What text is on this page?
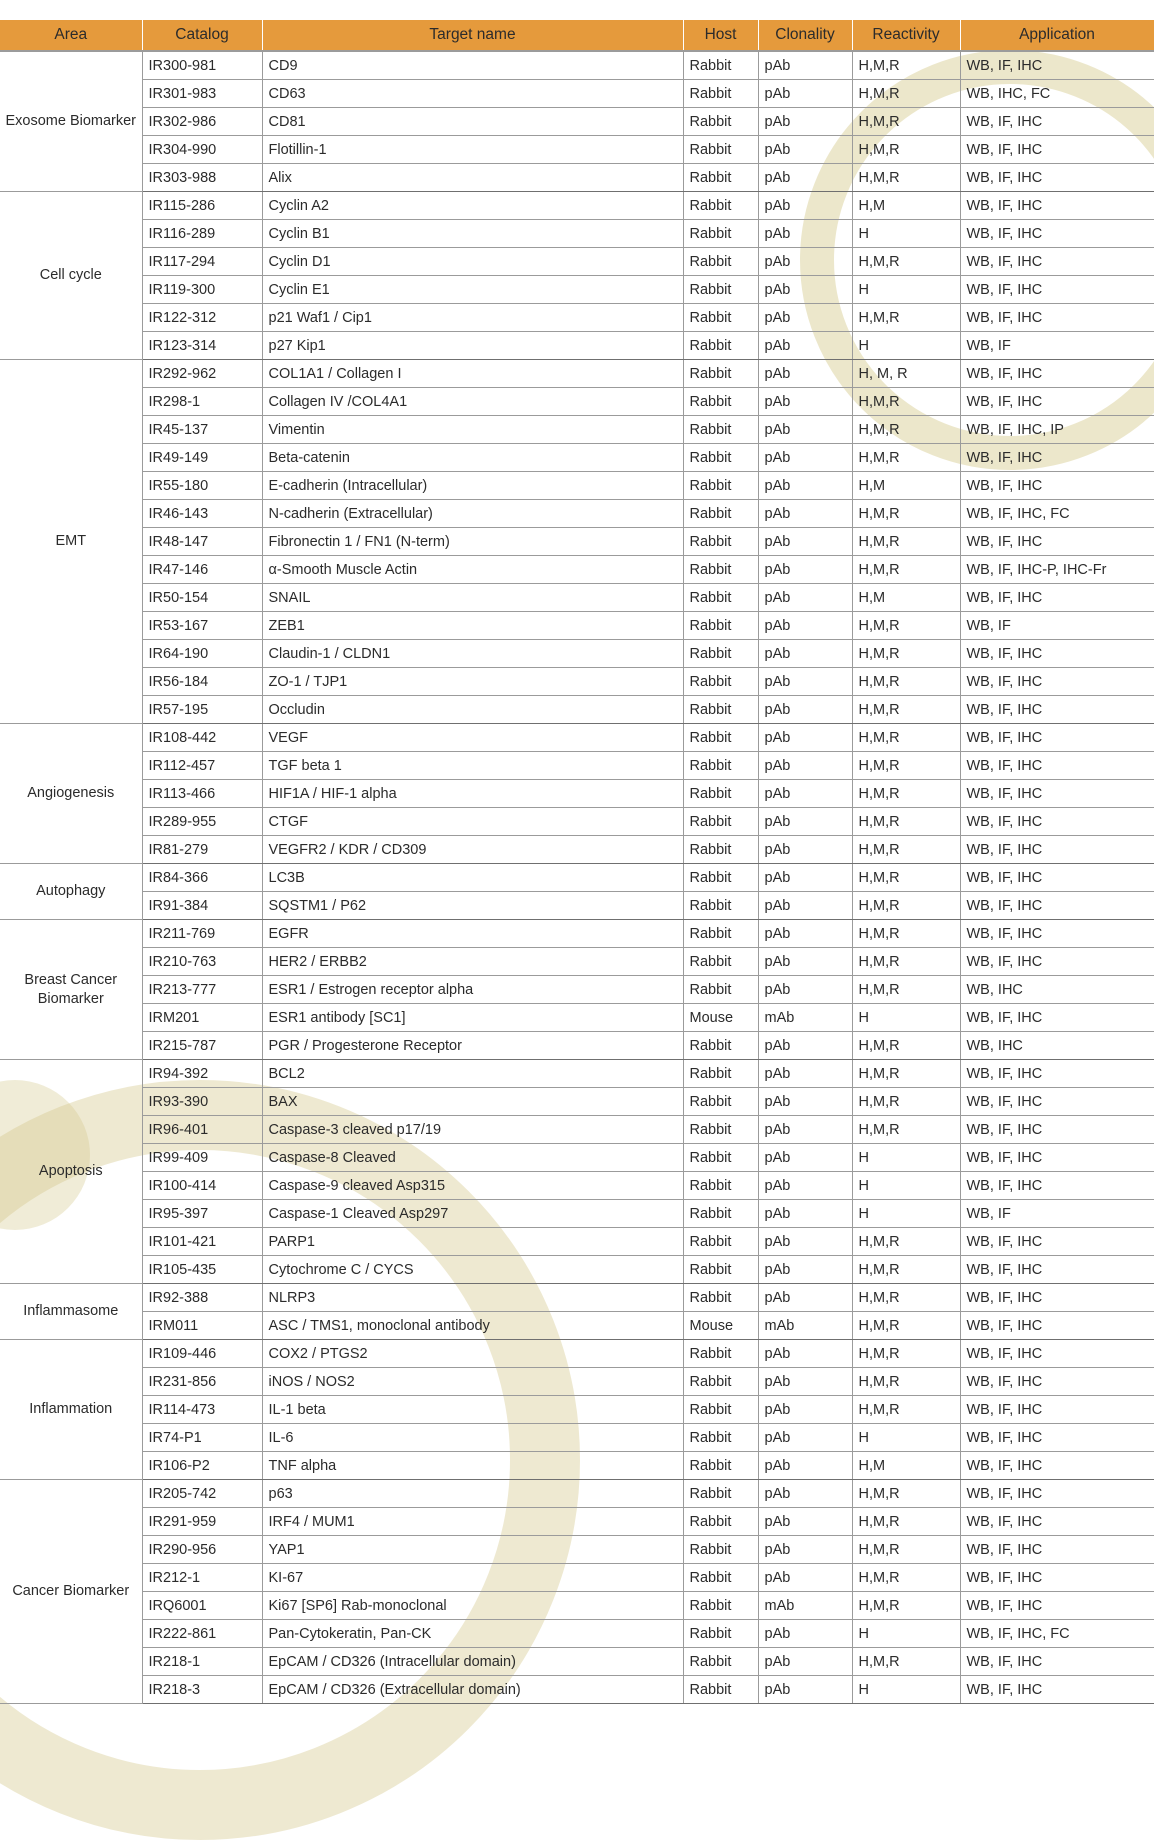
Area	Catalog	Target name	Host	Clonality	Reactivity	Application
Exosome Biomarker	IR300-981	CD9	Rabbit	pAb	H,M,R	WB, IF, IHC
	IR301-983	CD63	Rabbit	pAb	H,M,R	WB, IHC, FC
	IR302-986	CD81	Rabbit	pAb	H,M,R	WB, IF, IHC
	IR304-990	Flotillin-1	Rabbit	pAb	H,M,R	WB, IF, IHC
	IR303-988	Alix	Rabbit	pAb	H,M,R	WB, IF, IHC
Cell cycle	IR115-286	Cyclin A2	Rabbit	pAb	H,M	WB, IF, IHC
	IR116-289	Cyclin B1	Rabbit	pAb	H	WB, IF, IHC
	IR117-294	Cyclin D1	Rabbit	pAb	H,M,R	WB, IF, IHC
	IR119-300	Cyclin E1	Rabbit	pAb	H	WB, IF, IHC
	IR122-312	p21 Waf1 / Cip1	Rabbit	pAb	H,M,R	WB, IF, IHC
	IR123-314	p27 Kip1	Rabbit	pAb	H	WB, IF
EMT	IR292-962	COL1A1 / Collagen I	Rabbit	pAb	H, M, R	WB, IF, IHC
	IR298-1	Collagen IV /COL4A1	Rabbit	pAb	H,M,R	WB, IF, IHC
	IR45-137	Vimentin	Rabbit	pAb	H,M,R	WB, IF, IHC, IP
	IR49-149	Beta-catenin	Rabbit	pAb	H,M,R	WB, IF, IHC
	IR55-180	E-cadherin (Intracellular)	Rabbit	pAb	H,M	WB, IF, IHC
	IR46-143	N-cadherin (Extracellular)	Rabbit	pAb	H,M,R	WB, IF, IHC, FC
	IR48-147	Fibronectin 1 / FN1 (N-term)	Rabbit	pAb	H,M,R	WB, IF, IHC
	IR47-146	α-Smooth Muscle Actin	Rabbit	pAb	H,M,R	WB, IF, IHC-P, IHC-Fr
	IR50-154	SNAIL	Rabbit	pAb	H,M	WB, IF, IHC
	IR53-167	ZEB1	Rabbit	pAb	H,M,R	WB, IF
	IR64-190	Claudin-1 / CLDN1	Rabbit	pAb	H,M,R	WB, IF, IHC
	IR56-184	ZO-1 / TJP1	Rabbit	pAb	H,M,R	WB, IF, IHC
	IR57-195	Occludin	Rabbit	pAb	H,M,R	WB, IF, IHC
Angiogenesis	IR108-442	VEGF	Rabbit	pAb	H,M,R	WB, IF, IHC
	IR112-457	TGF beta 1	Rabbit	pAb	H,M,R	WB, IF, IHC
	IR113-466	HIF1A / HIF-1 alpha	Rabbit	pAb	H,M,R	WB, IF, IHC
	IR289-955	CTGF	Rabbit	pAb	H,M,R	WB, IF, IHC
	IR81-279	VEGFR2 / KDR / CD309	Rabbit	pAb	H,M,R	WB, IF, IHC
Autophagy	IR84-366	LC3B	Rabbit	pAb	H,M,R	WB, IF, IHC
	IR91-384	SQSTM1 / P62	Rabbit	pAb	H,M,R	WB, IF, IHC
Breast Cancer Biomarker	IR211-769	EGFR	Rabbit	pAb	H,M,R	WB, IF, IHC
	IR210-763	HER2 / ERBB2	Rabbit	pAb	H,M,R	WB, IF, IHC
	IR213-777	ESR1 / Estrogen receptor alpha	Rabbit	pAb	H,M,R	WB, IHC
	IRM201	ESR1 antibody [SC1]	Mouse	mAb	H	WB, IF, IHC
	IR215-787	PGR / Progesterone Receptor	Rabbit	pAb	H,M,R	WB, IHC
Apoptosis	IR94-392	BCL2	Rabbit	pAb	H,M,R	WB, IF, IHC
	IR93-390	BAX	Rabbit	pAb	H,M,R	WB, IF, IHC
	IR96-401	Caspase-3 cleaved p17/19	Rabbit	pAb	H,M,R	WB, IF, IHC
	IR99-409	Caspase-8 Cleaved	Rabbit	pAb	H	WB, IF, IHC
	IR100-414	Caspase-9 cleaved Asp315	Rabbit	pAb	H	WB, IF, IHC
	IR95-397	Caspase-1 Cleaved Asp297	Rabbit	pAb	H	WB, IF
	IR101-421	PARP1	Rabbit	pAb	H,M,R	WB, IF, IHC
	IR105-435	Cytochrome C / CYCS	Rabbit	pAb	H,M,R	WB, IF, IHC
Inflammasome	IR92-388	NLRP3	Rabbit	pAb	H,M,R	WB, IF, IHC
	IRM011	ASC / TMS1, monoclonal antibody	Mouse	mAb	H,M,R	WB, IF, IHC
Inflammation	IR109-446	COX2 / PTGS2	Rabbit	pAb	H,M,R	WB, IF, IHC
	IR231-856	iNOS / NOS2	Rabbit	pAb	H,M,R	WB, IF, IHC
	IR114-473	IL-1 beta	Rabbit	pAb	H,M,R	WB, IF, IHC
	IR74-P1	IL-6	Rabbit	pAb	H	WB, IF, IHC
	IR106-P2	TNF alpha	Rabbit	pAb	H,M	WB, IF, IHC
Cancer Biomarker	IR205-742	p63	Rabbit	pAb	H,M,R	WB, IF, IHC
	IR291-959	IRF4 / MUM1	Rabbit	pAb	H,M,R	WB, IF, IHC
	IR290-956	YAP1	Rabbit	pAb	H,M,R	WB, IF, IHC
	IR212-1	KI-67	Rabbit	pAb	H,M,R	WB, IF, IHC
	IRQ6001	Ki67 [SP6] Rab-monoclonal	Rabbit	mAb	H,M,R	WB, IF, IHC
	IR222-861	Pan-Cytokeratin, Pan-CK	Rabbit	pAb	H	WB, IF, IHC, FC
	IR218-1	EpCAM / CD326 (Intracellular domain)	Rabbit	pAb	H,M,R	WB, IF, IHC
	IR218-3	EpCAM / CD326 (Extracellular domain)	Rabbit	pAb	H	WB, IF, IHC
